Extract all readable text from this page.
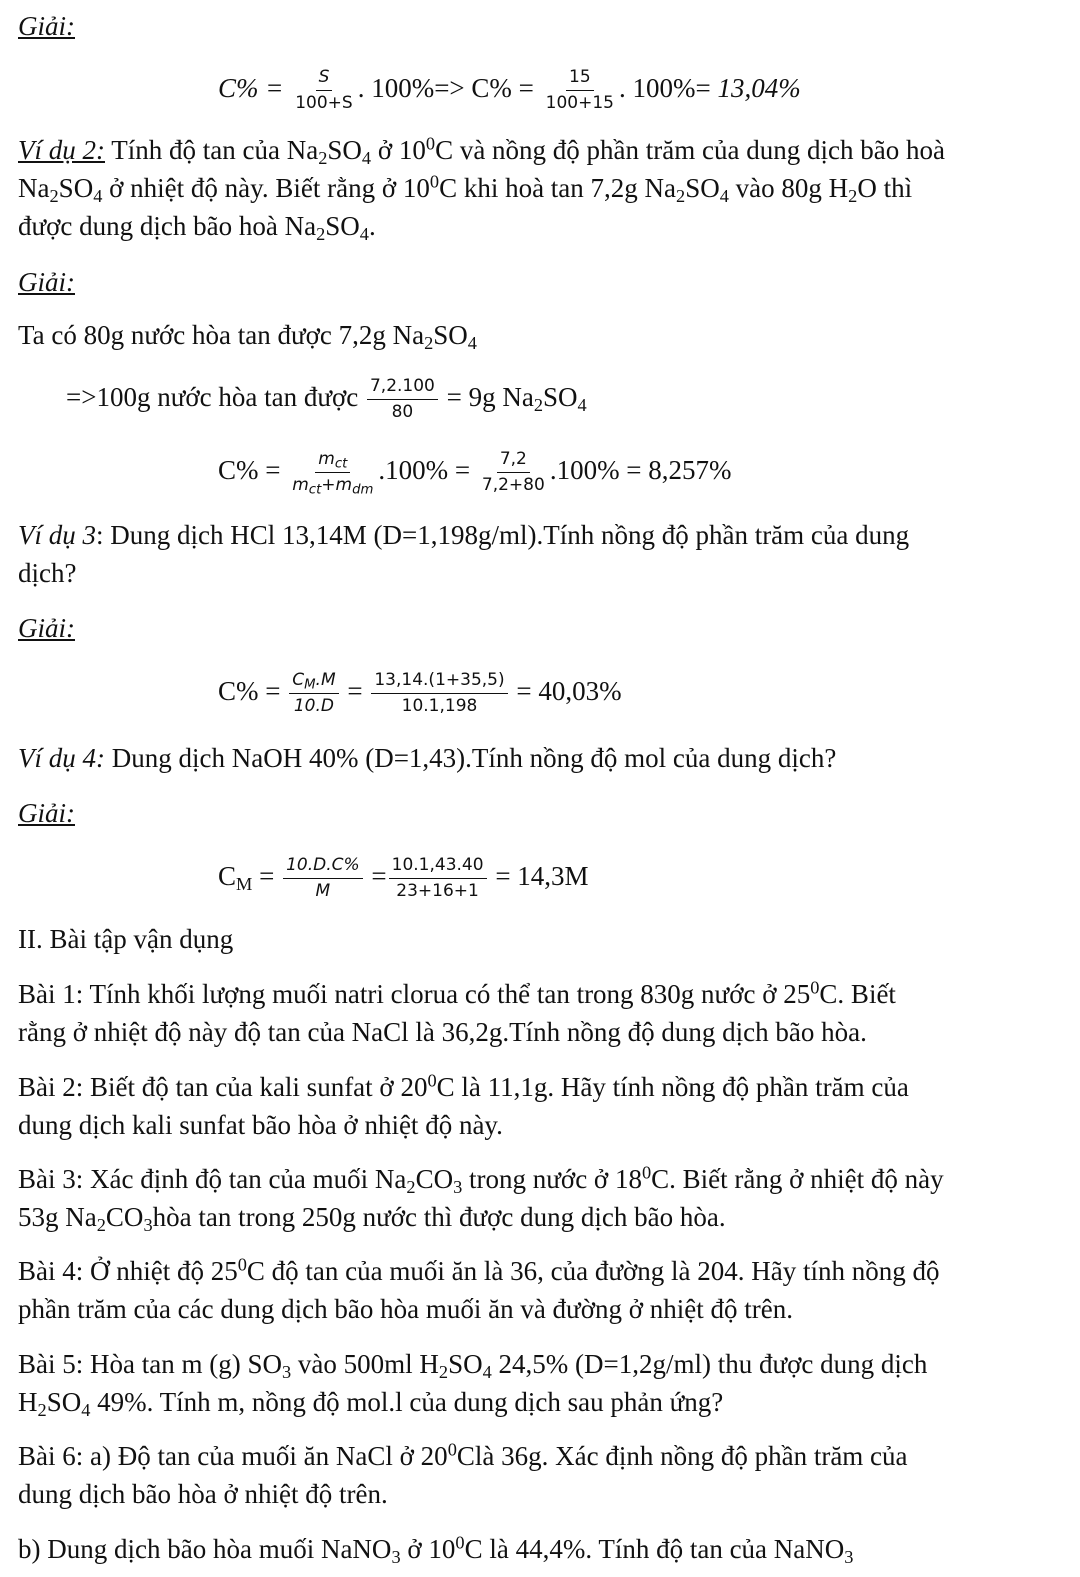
Giải:
$C\% = \frac{S}{100+S}$ . $100\%=> C\% = \frac{15}{100+15}$ . 100%= 13,04%
Ví dụ 2: Tính độ tan của $Na_2SO_4$ ở $10^0C$ và nồng độ phần trăm của dung dịch bão hoà
$Na_2SO_4$ ở nhiệt độ này. Biết rằng ở $10^0C$ khi hoà tan 7,2g $Na_2SO_4$ vào 80g $H_2O$ thì
được dung dịch bão hoà $Na_2SO_4$.
Giải:
Ta có 80g nước hòa tan được 7,2g $Na_2SO_4$
=>100g nước hòa tan được $\frac{7,2.100}{80} = 9g$ $Na_2SO_4$
$C\% = \frac{m_{ct}}{m_{ct}+m_{dm}} .100\% = \frac{7,2}{7,2+80} .100\% = 8,257\%$
Ví dụ 3: Dung dịch HCl 13,14M (D=1,198g/ml).Tính nồng độ phần trăm của dung
dịch?
Giải:
$C\% = \frac{C_M.M}{10.D} = \frac{13,14.(1+35,5)}{10.1,198} = 40,03\%$
Ví dụ 4: Dung dịch NaOH 40% (D=1,43).Tính nồng độ mol của dung dịch?
Giải:
$C_M = \frac{10.D.C\%}{M} = \frac{10.1,43.40}{23+16+1} = 14,3M$
II. Bài tập vận dụng
Bài 1: Tính khối lượng muối natri clorua có thể tan trong 830g nước ở $25^0C$. Biết
rằng ở nhiệt độ này độ tan của NaCl là 36,2g.Tính nồng độ dung dịch bão hòa.
Bài 2: Biết độ tan của kali sunfat ở $20^0C$ là 11,1g. Hãy tính nồng độ phần trăm của
dung dịch kali sunfat bão hòa ở nhiệt độ này.
Bài 3: Xác định độ tan của muối $Na_2CO_3$ trong nước ở $18^0C$. Biết rằng ở nhiệt độ này
53g $Na_2CO_3hòa$ tan trong 250g nước thì được dung dịch bão hòa.
Bài 4: Ở nhiệt độ $25^0C$ độ tan của muối ăn là 36, của đường là 204. Hãy tính nồng độ
phần trăm của các dung dịch bão hòa muối ăn và đường ở nhiệt độ trên.
Bài 5: Hòa tan m (g) $SO_3$ vào 500ml $H_2SO_4$ 24,5% (D=1,2g/ml) thu được dung dịch
$H_2SO_4$ 49%. Tính m, nồng độ mol.l của dung dịch sau phản ứng?
Bài 6: a) Độ tan của muối ăn NaCl ở $20^0Clà$ 36g. Xác định nồng độ phần trăm của
dung dịch bão hòa ở nhiệt độ trên.
b) Dung dịch bão hòa muối NaNO$_3$ ở $10^0C$ là 44,4%. Tính độ tan của NaNO$_3$
